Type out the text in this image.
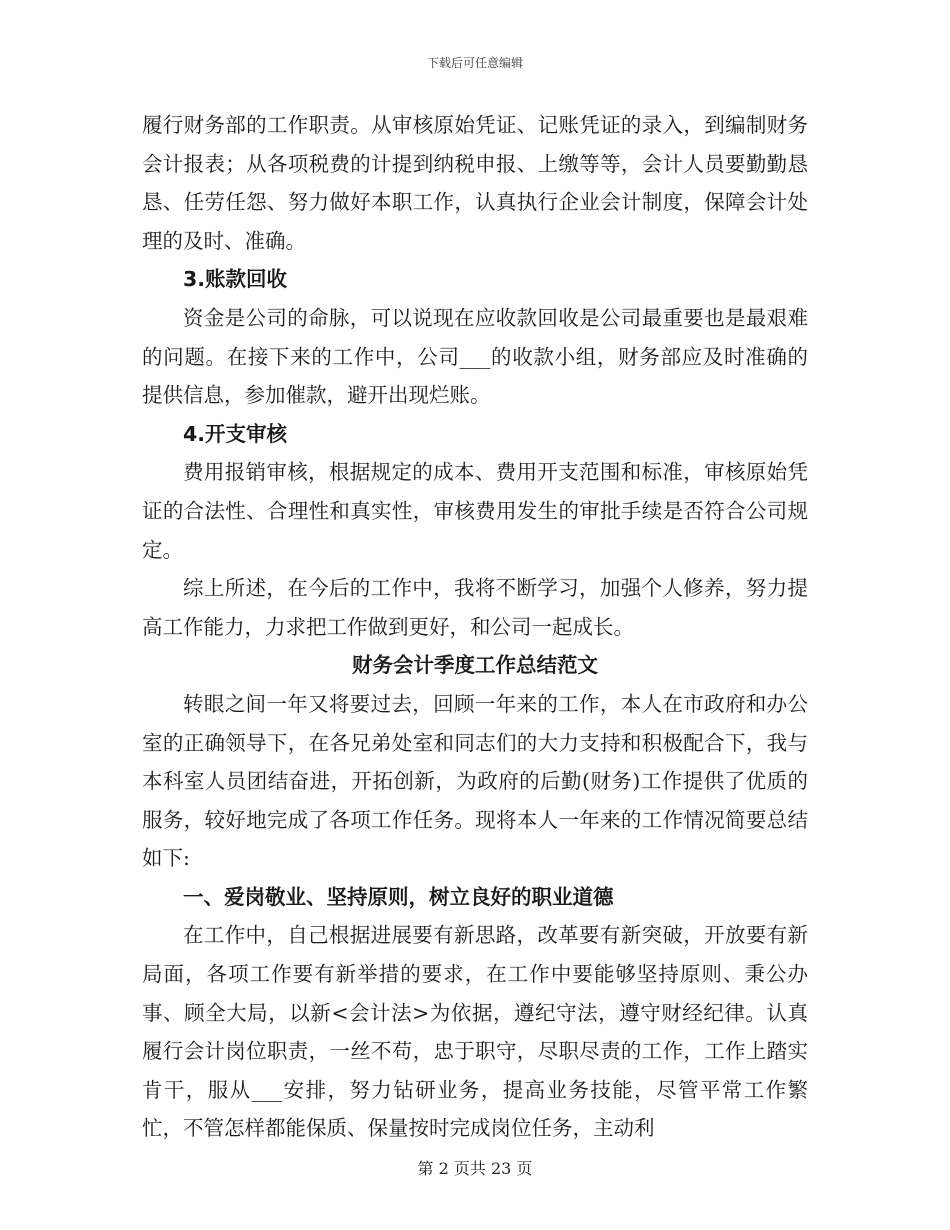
下载后可任意编辑

履行财务部的工作职责。从审核原始凭证、记账凭证的录入，到编制财务会计报表；从各项税费的计提到纳税申报、上缴等等，会计人员要勤勤恳恳、任劳任怨、努力做好本职工作，认真执行企业会计制度，保障会计处理的及时、准确。

3.账款回收

资金是公司的命脉，可以说现在应收款回收是公司最重要也是最艰难的问题。在接下来的工作中，公司___的收款小组，财务部应及时准确的提供信息，参加催款，避开出现烂账。

4.开支审核

费用报销审核，根据规定的成本、费用开支范围和标准，审核原始凭证的合法性、合理性和真实性，审核费用发生的审批手续是否符合公司规定。

综上所述，在今后的工作中，我将不断学习，加强个人修养，努力提高工作能力，力求把工作做到更好，和公司一起成长。

财务会计季度工作总结范文

转眼之间一年又将要过去，回顾一年来的工作，本人在市政府和办公室的正确领导下，在各兄弟处室和同志们的大力支持和积极配合下，我与本科室人员团结奋进，开拓创新，为政府的后勤(财务)工作提供了优质的服务，较好地完成了各项工作任务。现将本人一年来的工作情况简要总结如下:

一、爱岗敬业、坚持原则，树立良好的职业道德

在工作中，自己根据进展要有新思路，改革要有新突破，开放要有新局面，各项工作要有新举措的要求，在工作中要能够坚持原则、秉公办事、顾全大局，以新<会计法>为依据，遵纪守法，遵守财经纪律。认真履行会计岗位职责，一丝不苟，忠于职守，尽职尽责的工作，工作上踏实肯干，服从___安排，努力钻研业务，提高业务技能，尽管平常工作繁忙，不管怎样都能保质、保量按时完成岗位任务，主动利

第 2 页共 23 页
